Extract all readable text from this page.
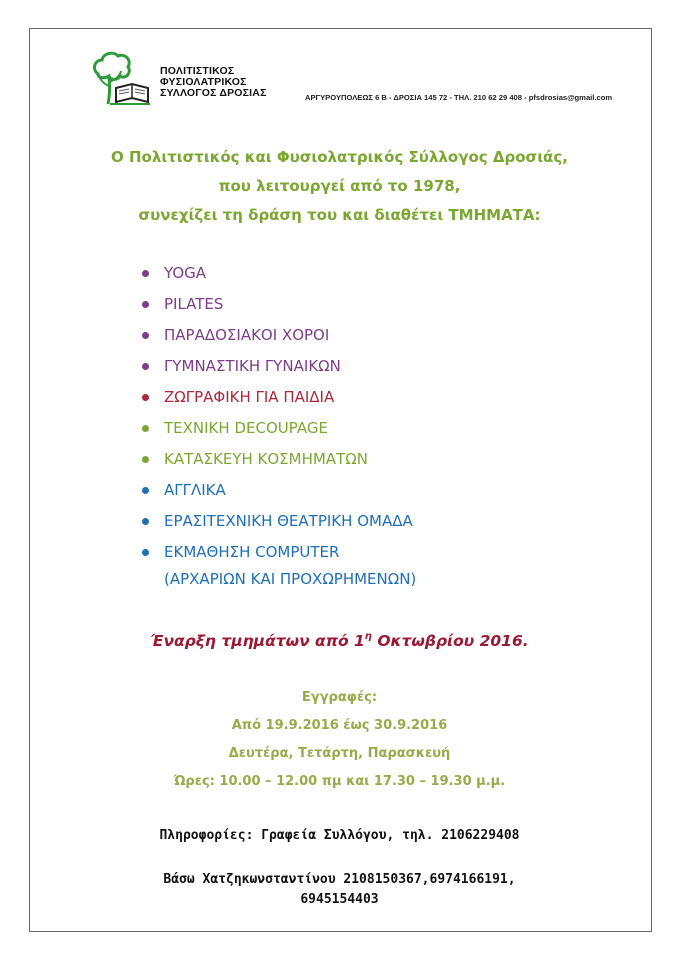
ΠΟΛΙΤΙΣΤΙΚΟΣ
ΦΥΣΙΟΛΑΤΡΙΚΟΣ
ΣΥΛΛΟΓΟΣ ΔΡΟΣΙΑΣ	ΑΡΓΥΡΟΥΠΟΛΕΩΣ 6 Β - ΔΡΟΣΙΑ 145 72 - ΤΗΛ. 210 62 29 408 - pfsdrosias@gmail.com
Ο Πολιτιστικός και Φυσιολατρικός Σύλλογος Δροσιάς,
που λειτουργεί από το 1978,
συνεχίζει τη δράση του και διαθέτει ΤΜΗΜΑΤΑ:
YOGA
PILATES
ΠΑΡΑΔΟΣΙΑΚΟΙ ΧΟΡΟΙ
ΓΥΜΝΑΣΤΙΚΗ ΓΥΝΑΙΚΩΝ
ΖΩΓΡΑΦΙΚΗ ΓΙΑ ΠΑΙΔΙΑ
ΤΕΧΝΙΚΗ DECOUPAGE
ΚΑΤΑΣΚΕΥΗ ΚΟΣΜΗΜΑΤΩΝ
ΑΓΓΛΙΚΑ
ΕΡΑΣΙΤΕΧΝΙΚΗ ΘΕΑΤΡΙΚΗ ΟΜΑΔΑ
ΕΚΜΑΘΗΣΗ COMPUTER
(ΑΡΧΑΡΙΩΝ ΚΑΙ ΠΡΟΧΩΡΗΜΕΝΩΝ)
Έναρξη τμημάτων από $1^\eta$ Οκτωβρίου 2016.
Εγγραφές:
Από 19.9.2016 έως 30.9.2016
Δευτέρα, Τετάρτη, Παρασκευή
Ώρες: 10.00 – 12.00 πμ και 17.30 – 19.30 μ.μ.
Πληροφορίες: Γραφεία Συλλόγου, τηλ. 2106229408
Βάσω Χατζηκωνσταντίνου 2108150367,6974166191,
6945154403
